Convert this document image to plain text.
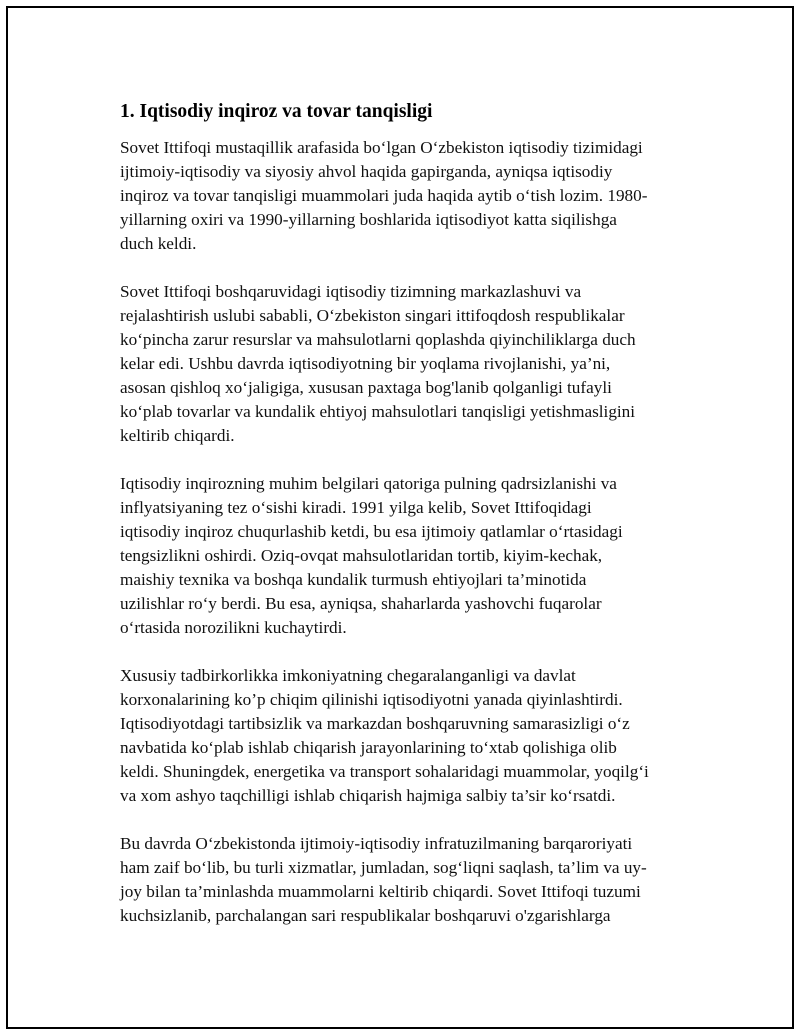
1. Iqtisodiy inqiroz va tovar tanqisligi

Sovet Ittifoqi mustaqillik arafasida bo‘lgan O‘zbekiston iqtisodiy tizimidagi
ijtimoiy-iqtisodiy va siyosiy ahvol haqida gapirganda, ayniqsa iqtisodiy
inqiroz va tovar tanqisligi muammolari juda haqida aytib o‘tish lozim. 1980-
yillarning oxiri va 1990-yillarning boshlarida iqtisodiyot katta siqilishga
duch keldi.

Sovet Ittifoqi boshqaruvidagi iqtisodiy tizimning markazlashuvi va
rejalashtirish uslubi sababli, O‘zbekiston singari ittifoqdosh respublikalar
ko‘pincha zarur resurslar va mahsulotlarni qoplashda qiyinchiliklarga duch
kelar edi. Ushbu davrda iqtisodiyotning bir yoqlama rivojlanishi, ya’ni,
asosan qishloq xo‘jaligiga, xususan paxtaga bog'lanib qolganligi tufayli
ko‘plab tovarlar va kundalik ehtiyoj mahsulotlari tanqisligi yetishmasligini
keltirib chiqardi.

Iqtisodiy inqirozning muhim belgilari qatoriga pulning qadrsizlanishi va
inflyatsiyaning tez o‘sishi kiradi. 1991 yilga kelib, Sovet Ittifoqidagi
iqtisodiy inqiroz chuqurlashib ketdi, bu esa ijtimoiy qatlamlar o‘rtasidagi
tengsizlikni oshirdi. Oziq-ovqat mahsulotlaridan tortib, kiyim-kechak,
maishiy texnika va boshqa kundalik turmush ehtiyojlari ta’minotida
uzilishlar ro‘y berdi. Bu esa, ayniqsa, shaharlarda yashovchi fuqarolar
o‘rtasida norozilikni kuchaytirdi.

Xususiy tadbirkorlikka imkoniyatning chegaralanganligi va davlat
korxonalarining ko’p chiqim qilinishi iqtisodiyotni yanada qiyinlashtirdi.
Iqtisodiyotdagi tartibsizlik va markazdan boshqaruvning samarasizligi o‘z
navbatida ko‘plab ishlab chiqarish jarayonlarining to‘xtab qolishiga olib
keldi. Shuningdek, energetika va transport sohalaridagi muammolar, yoqilg‘i
va xom ashyo taqchilligi ishlab chiqarish hajmiga salbiy ta’sir ko‘rsatdi.

Bu davrda O‘zbekistonda ijtimoiy-iqtisodiy infratuzilmaning barqaroriyati
ham zaif bo‘lib, bu turli xizmatlar, jumladan, sog‘liqni saqlash, ta’lim va uy-
joy bilan ta’minlashda muammolarni keltirib chiqardi. Sovet Ittifoqi tuzumi
kuchsizlanib, parchalangan sari respublikalar boshqaruvi o'zgarishlarga
